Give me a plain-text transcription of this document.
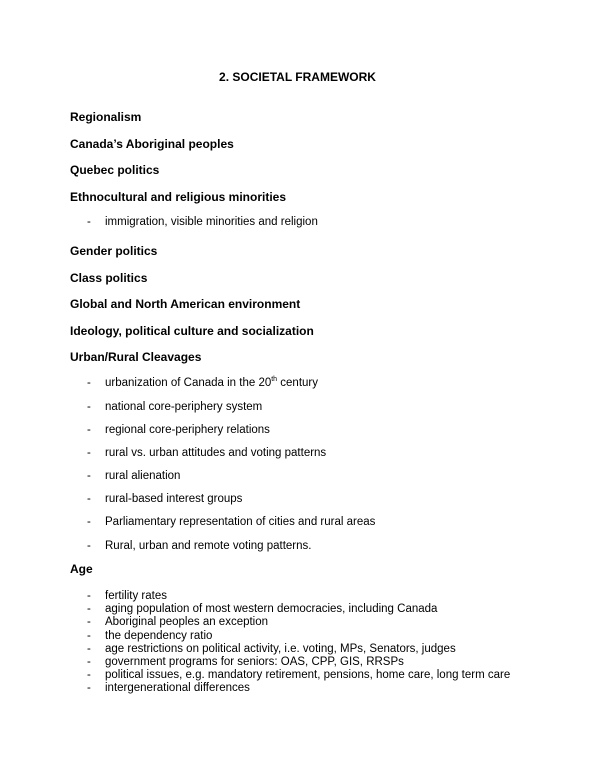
2. SOCIETAL FRAMEWORK
Regionalism
Canada’s Aboriginal peoples
Quebec politics
Ethnocultural and religious minorities
- immigration, visible minorities and religion
Gender politics
Class politics
Global and North American environment
Ideology, political culture and socialization
Urban/Rural Cleavages
- urbanization of Canada in the 20th century
- national core-periphery system
- regional core-periphery relations
- rural vs. urban attitudes and voting patterns
- rural alienation
- rural-based interest groups
- Parliamentary representation of cities and rural areas
- Rural, urban and remote voting patterns.
Age
- fertility rates
- aging population of most western democracies, including Canada
- Aboriginal peoples an exception
- the dependency ratio
- age restrictions on political activity, i.e. voting, MPs, Senators, judges
- government programs for seniors: OAS, CPP, GIS, RRSPs
- political issues, e.g. mandatory retirement, pensions, home care, long term care
- intergenerational differences
